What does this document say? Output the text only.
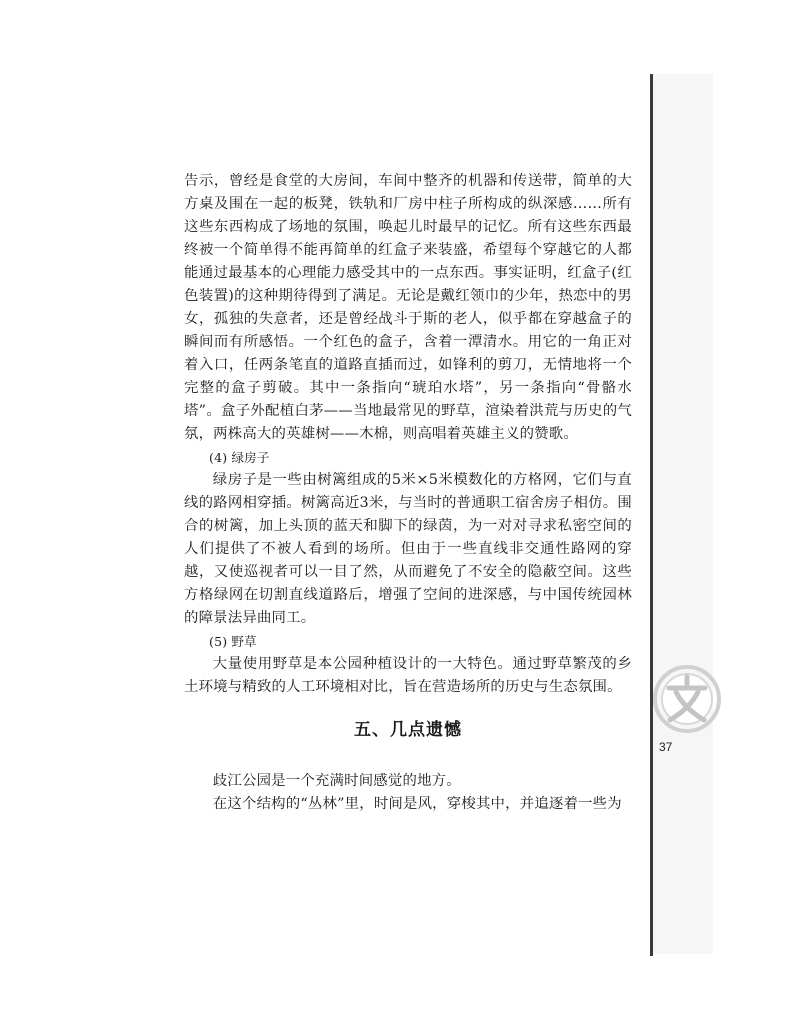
告示，曾经是食堂的大房间，车间中整齐的机器和传送带，简单的大方桌及围在一起的板凳，铁轨和厂房中柱子所构成的纵深感……所有这些东西构成了场地的氛围，唤起儿时最早的记忆。所有这些东西最终被一个简单得不能再简单的红盒子来装盛，希望每个穿越它的人都能通过最基本的心理能力感受其中的一点东西。事实证明，红盒子(红色装置)的这种期待得到了满足。无论是戴红领巾的少年，热恋中的男女，孤独的失意者，还是曾经战斗于斯的老人，似乎都在穿越盒子的瞬间而有所感悟。一个红色的盒子，含着一潭清水。用它的一角正对着入口，任两条笔直的道路直插而过，如锋利的剪刀，无情地将一个完整的盒子剪破。其中一条指向“琥珀水塔”，另一条指向“骨骼水塔”。盒子外配植白茅——当地最常见的野草，渲染着洪荒与历史的气氛，两株高大的英雄树——木棉，则高唱着英雄主义的赞歌。

(4) 绿房子

绿房子是一些由树篱组成的5米×5米模数化的方格网，它们与直线的路网相穿插。树篱高近3米，与当时的普通职工宿舍房子相仿。围合的树篱，加上头顶的蓝天和脚下的绿茵，为一对对寻求私密空间的人们提供了不被人看到的场所。但由于一些直线非交通性路网的穿越，又使巡视者可以一目了然，从而避免了不安全的隐蔽空间。这些方格绿网在切割直线道路后，增强了空间的进深感，与中国传统园林的障景法异曲同工。

(5) 野草

大量使用野草是本公园种植设计的一大特色。通过野草繁茂的乡土环境与精致的人工环境相对比，旨在营造场所的历史与生态氛围。

五、几点遗憾

歧江公园是一个充满时间感觉的地方。

在这个结构的“丛林”里，时间是风，穿梭其中，并追逐着一些为

37
